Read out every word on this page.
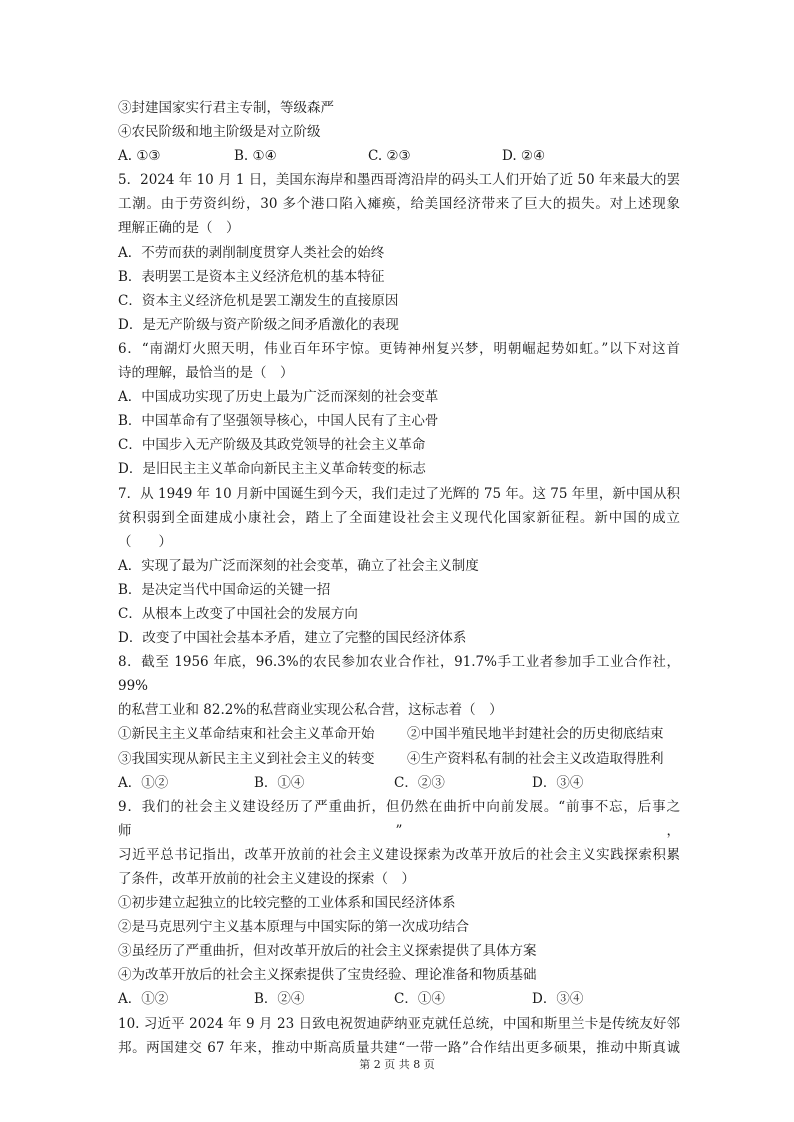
③封建国家实行君主专制，等级森严
④农民阶级和地主阶级是对立阶级
A. ①③	B. ①④	C. ②③	D. ②④
5．2024 年 10 月 1 日，美国东海岸和墨西哥湾沿岸的码头工人们开始了近 50 年来最大的罢
工潮。由于劳资纠纷，30 多个港口陷入瘫痪，给美国经济带来了巨大的损失。对上述现象
理解正确的是（　）
A．不劳而获的剥削制度贯穿人类社会的始终
B．表明罢工是资本主义经济危机的基本特征
C．资本主义经济危机是罢工潮发生的直接原因
D．是无产阶级与资产阶级之间矛盾激化的表现
6．“南湖灯火照天明，伟业百年环宇惊。更铸神州复兴梦，明朝崛起势如虹。”以下对这首
诗的理解，最恰当的是（　）
A．中国成功实现了历史上最为广泛而深刻的社会变革
B．中国革命有了坚强领导核心，中国人民有了主心骨
C．中国步入无产阶级及其政党领导的社会主义革命
D．是旧民主主义革命向新民主主义革命转变的标志
7．从 1949 年 10 月新中国诞生到今天，我们走过了光辉的 75 年。这 75 年里，新中国从积
贫积弱到全面建成小康社会，踏上了全面建设社会主义现代化国家新征程。新中国的成立
（　　）
A．实现了最为广泛而深刻的社会变革，确立了社会主义制度
B．是决定当代中国命运的关键一招
C．从根本上改变了中国社会的发展方向
D．改变了中国社会基本矛盾，建立了完整的国民经济体系
8．截至 1956 年底，96.3%的农民参加农业合作社，91.7%手工业者参加手工业合作社，99%
的私营工业和 82.2%的私营商业实现公私合营，这标志着（　）
①新民主主义革命结束和社会主义革命开始	②中国半殖民地半封建社会的历史彻底结束
③我国实现从新民主主义到社会主义的转变	④生产资料私有制的社会主义改造取得胜利
A．①②	B．①④	C．②③	D．③④
9．我们的社会主义建设经历了严重曲折，但仍然在曲折中向前发展。“前事不忘，后事之师”，
习近平总书记指出，改革开放前的社会主义建设探索为改革开放后的社会主义实践探索积累
了条件，改革开放前的社会主义建设的探索（　）
①初步建立起独立的比较完整的工业体系和国民经济体系
②是马克思列宁主义基本原理与中国实际的第一次成功结合
③虽经历了严重曲折，但对改革开放后的社会主义探索提供了具体方案
④为改革开放后的社会主义探索提供了宝贵经验、理论准备和物质基础
A．①②	B．②④	C．①④	D．③④
10. 习近平 2024 年 9 月 23 日致电祝贺迪萨纳亚克就任总统，中国和斯里兰卡是传统友好邻
邦。两国建交 67 年来，推动中斯高质量共建“一带一路”合作结出更多硕果，推动中斯真诚
第 2 页 共 8 页
